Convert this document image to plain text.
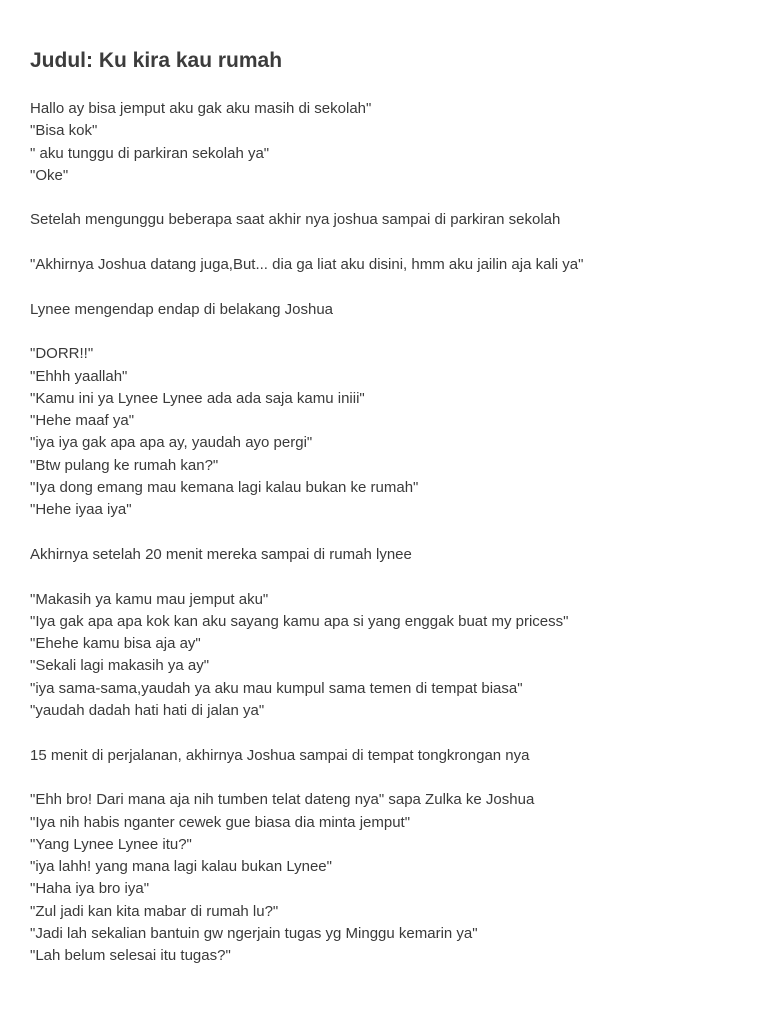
Judul: Ku kira kau rumah
Hallo ay bisa jemput aku gak aku masih di sekolah"
"Bisa kok"
" aku tunggu di parkiran sekolah ya"
"Oke"
Setelah mengunggu beberapa saat akhir nya joshua sampai di parkiran sekolah
"Akhirnya Joshua datang juga,But... dia ga liat aku disini, hmm aku jailin aja kali ya"
Lynee mengendap endap di belakang Joshua
"DORR!!"
"Ehhh yaallah"
"Kamu ini ya Lynee Lynee ada ada saja kamu iniii"
"Hehe maaf ya"
"iya iya gak apa apa ay, yaudah ayo pergi"
"Btw pulang ke rumah kan?"
"Iya dong emang mau kemana lagi kalau bukan ke rumah"
"Hehe iyaa iya"
Akhirnya setelah 20 menit mereka sampai di rumah lynee
"Makasih ya kamu mau jemput aku"
"Iya gak apa apa kok kan aku sayang kamu apa si yang enggak buat my pricess"
"Ehehe kamu bisa aja ay"
"Sekali lagi makasih ya ay"
"iya sama-sama,yaudah ya aku mau kumpul sama temen di tempat biasa"
"yaudah dadah hati hati di jalan ya"
15 menit di perjalanan, akhirnya Joshua sampai di tempat tongkrongan nya
"Ehh bro! Dari mana aja nih tumben telat dateng nya" sapa Zulka ke Joshua
"Iya nih habis nganter cewek gue biasa dia minta jemput"
"Yang Lynee Lynee itu?"
"iya lahh! yang mana lagi kalau bukan Lynee"
"Haha iya bro iya"
"Zul jadi kan kita mabar di rumah lu?"
"Jadi lah sekalian bantuin gw ngerjain tugas yg Minggu kemarin ya"
"Lah belum selesai itu tugas?"
